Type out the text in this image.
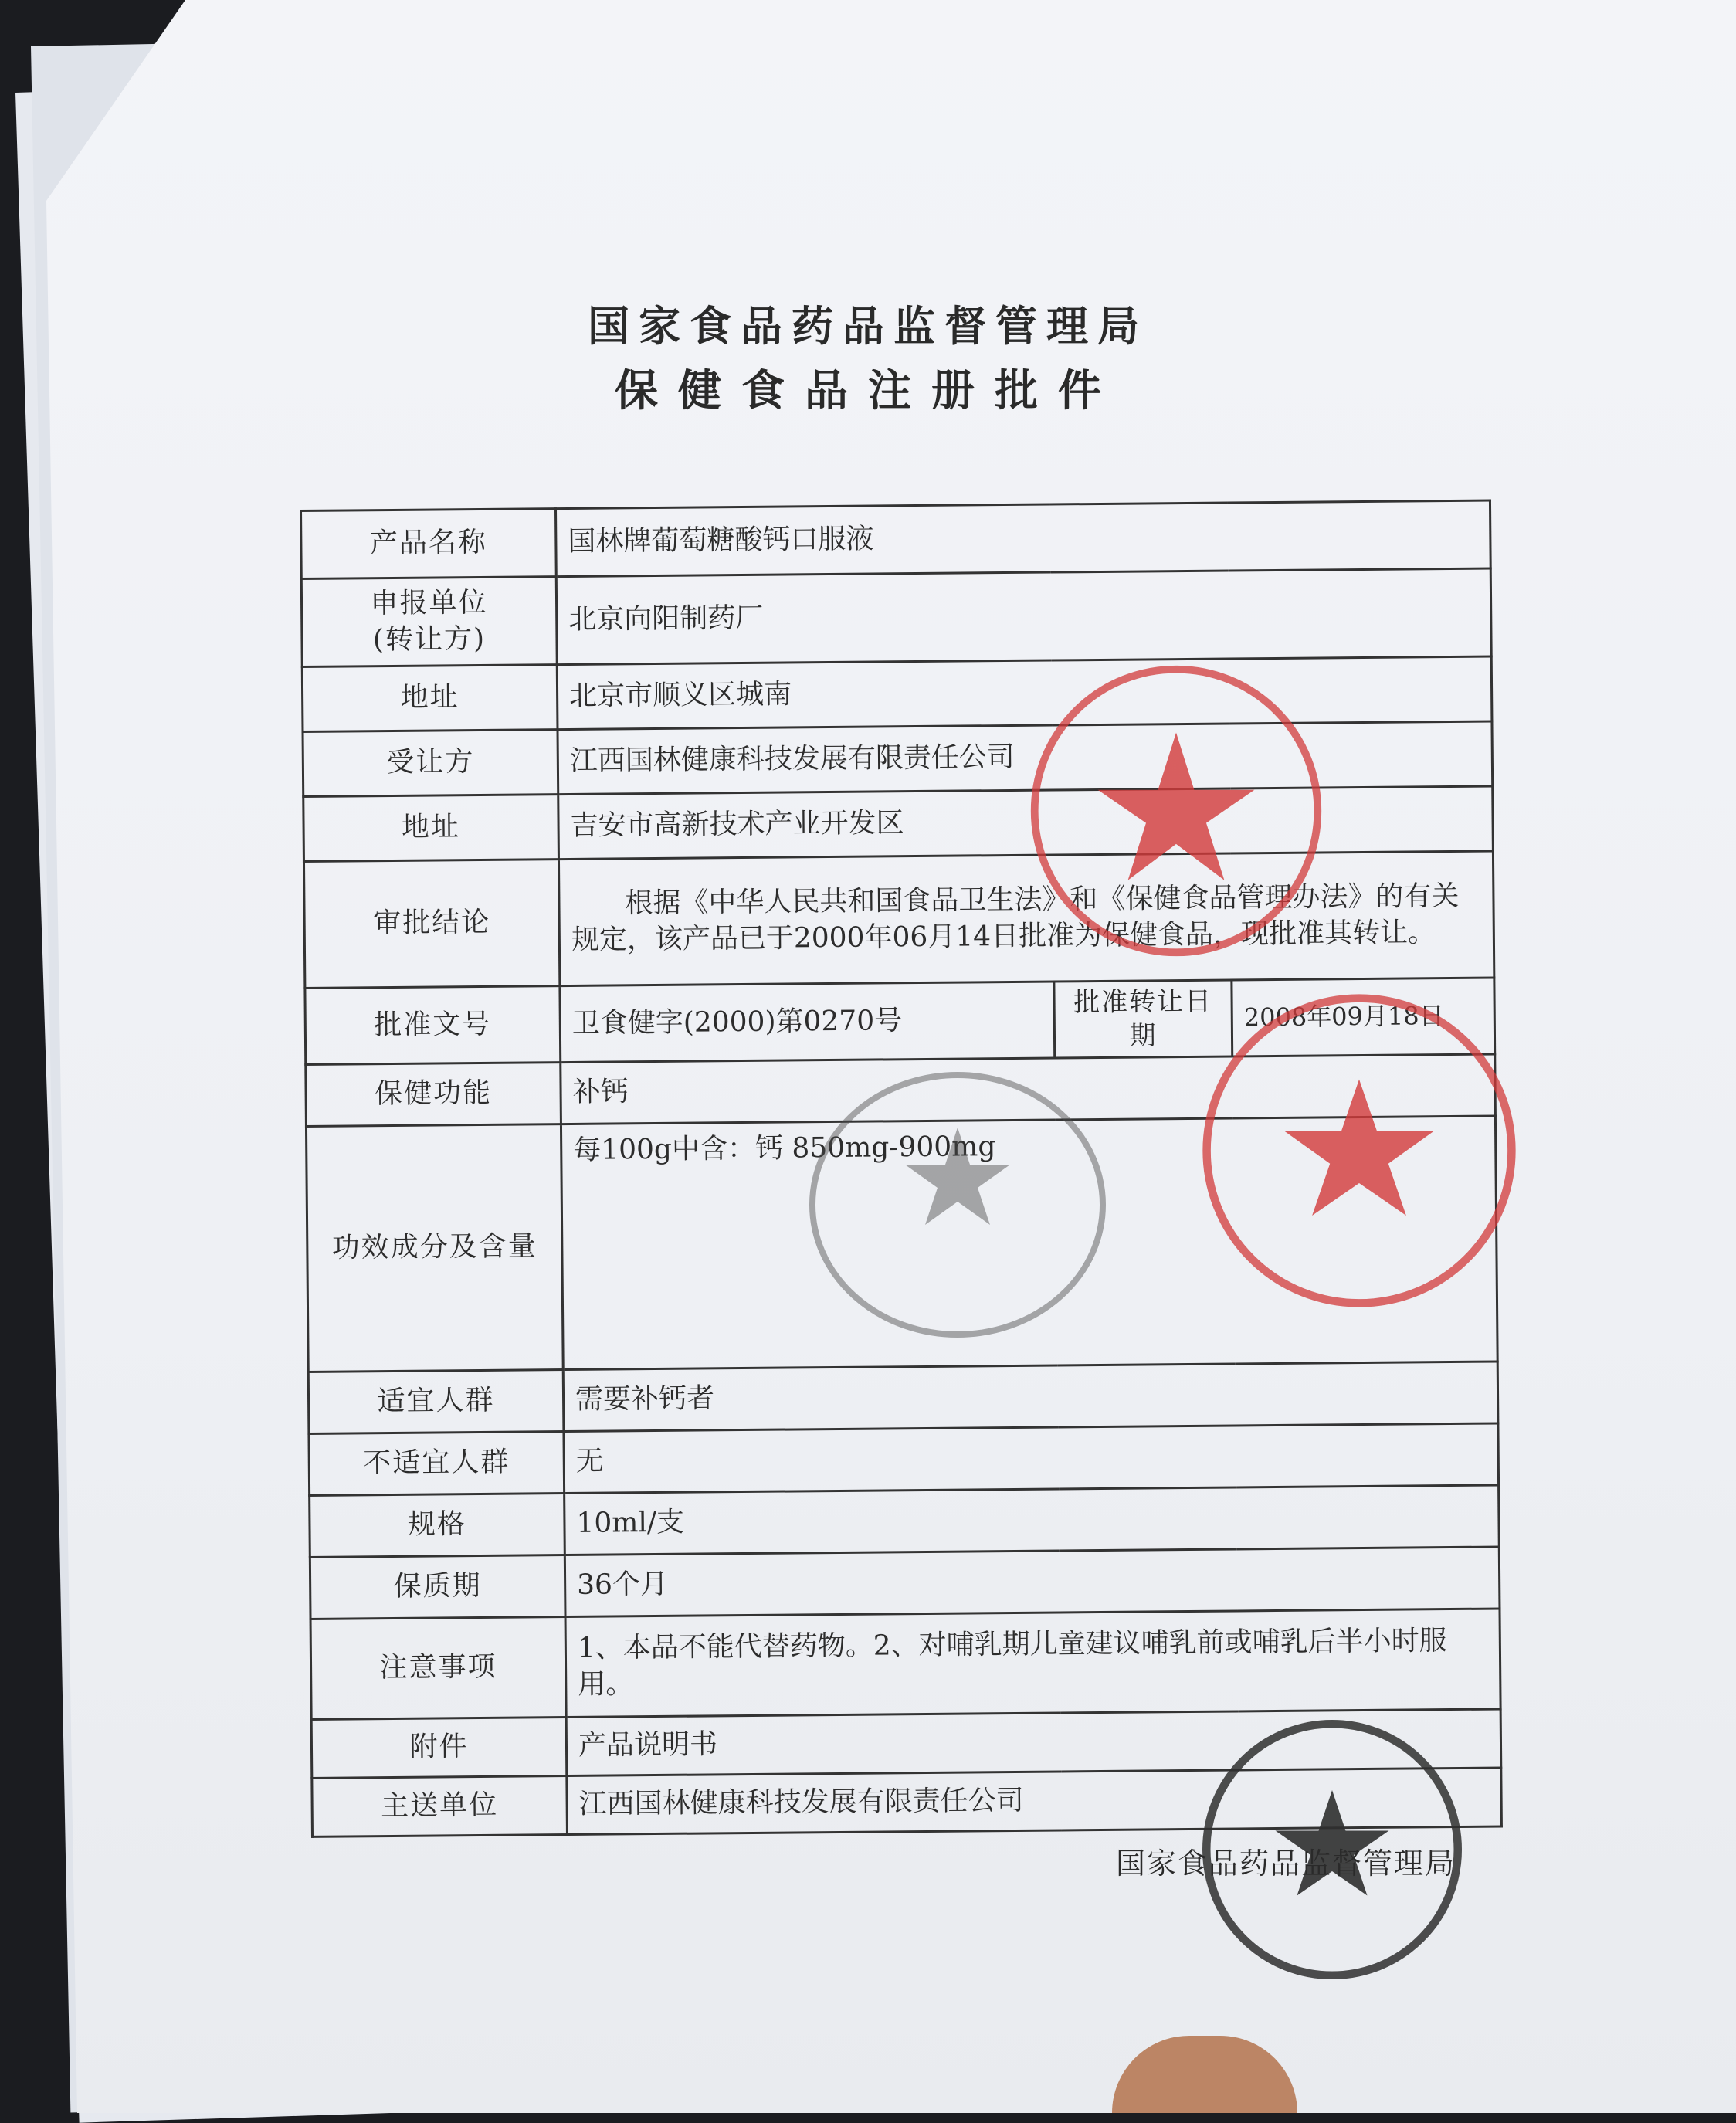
国家食品药品监督管理局
保健食品注册批件
产品名称	国林牌葡萄糖酸钙口服液		
申报单位
(转让方)	北京向阳制药厂		
地址	北京市顺义区城南		
受让方	江西国林健康科技发展有限责任公司		
地址	吉安市高新技术产业开发区		
审批结论	根据《中华人民共和国食品卫生法》和《保健食品管理办法》的有关规定，该产品已于2000年06月14日批准为保健食品，现批准其转让。		
批准文号	卫食健字(2000)第0270号	批准转让日期	2008年09月18日
保健功能	补钙		
功效成分及含量	每100g中含：钙 850mg-900mg		
适宜人群	需要补钙者		
不适宜人群	无		
规格	10ml/支		
保质期	36个月		
注意事项	1、本品不能代替药物。2、对哺乳期儿童建议哺乳前或哺乳后半小时服用。		
附件	产品说明书		
主送单位	江西国林健康科技发展有限责任公司		
国家食品药品监督管理局
